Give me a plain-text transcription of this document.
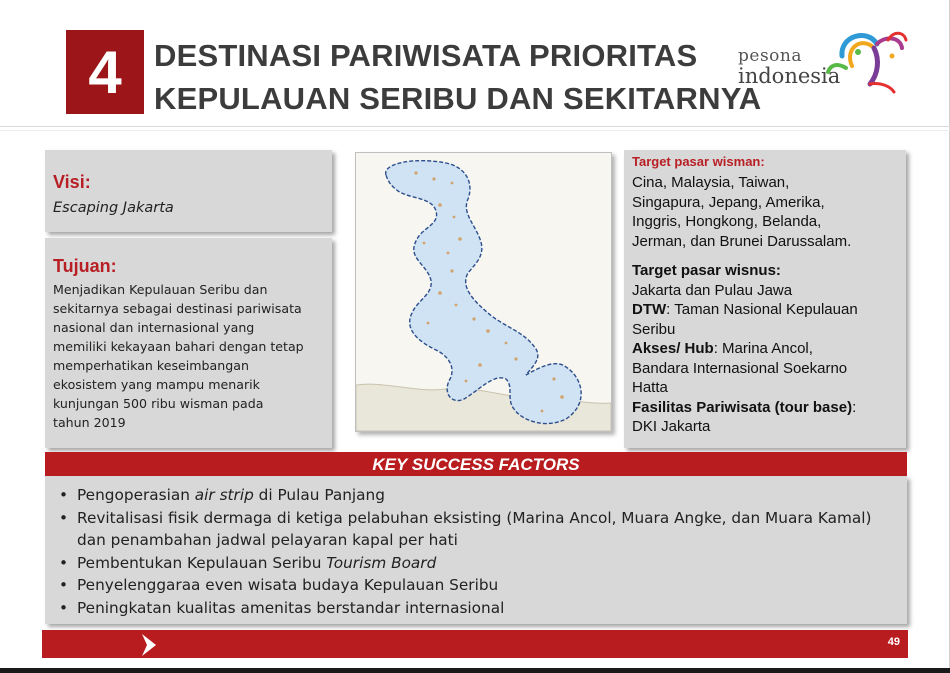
4 DESTINASI PARIWISATA PRIORITAS
KEPULAUAN SERIBU DAN SEKITARNYA
pesona
indonesia
Visi:
Escaping Jakarta
Tujuan:
Menjadikan Kepulauan Seribu dan
sekitarnya sebagai destinasi pariwisata
nasional dan internasional yang
memiliki kekayaan bahari dengan tetap
memperhatikan keseimbangan
ekosistem yang mampu menarik
kunjungan 500 ribu wisman pada
tahun 2019
Target pasar wisman:
Cina, Malaysia, Taiwan,
Singapura, Jepang, Amerika,
Inggris, Hongkong, Belanda,
Jerman, dan Brunei Darussalam.
Target pasar wisnus:
Jakarta dan Pulau Jawa
DTW: Taman Nasional Kepulauan
Seribu
Akses/ Hub: Marina Ancol,
Bandara Internasional Soekarno
Hatta
Fasilitas Pariwisata (tour base):
DKI Jakarta
KEY SUCCESS FACTORS
• Pengoperasian air strip di Pulau Panjang
• Revitalisasi fisik dermaga di ketiga pelabuhan eksisting (Marina Ancol, Muara Angke, dan Muara Kamal)
dan penambahan jadwal pelayaran kapal per hati
• Pembentukan Kepulauan Seribu Tourism Board
• Penyelenggaraa even wisata budaya Kepulauan Seribu
• Peningkatan kualitas amenitas berstandar internasional
49
